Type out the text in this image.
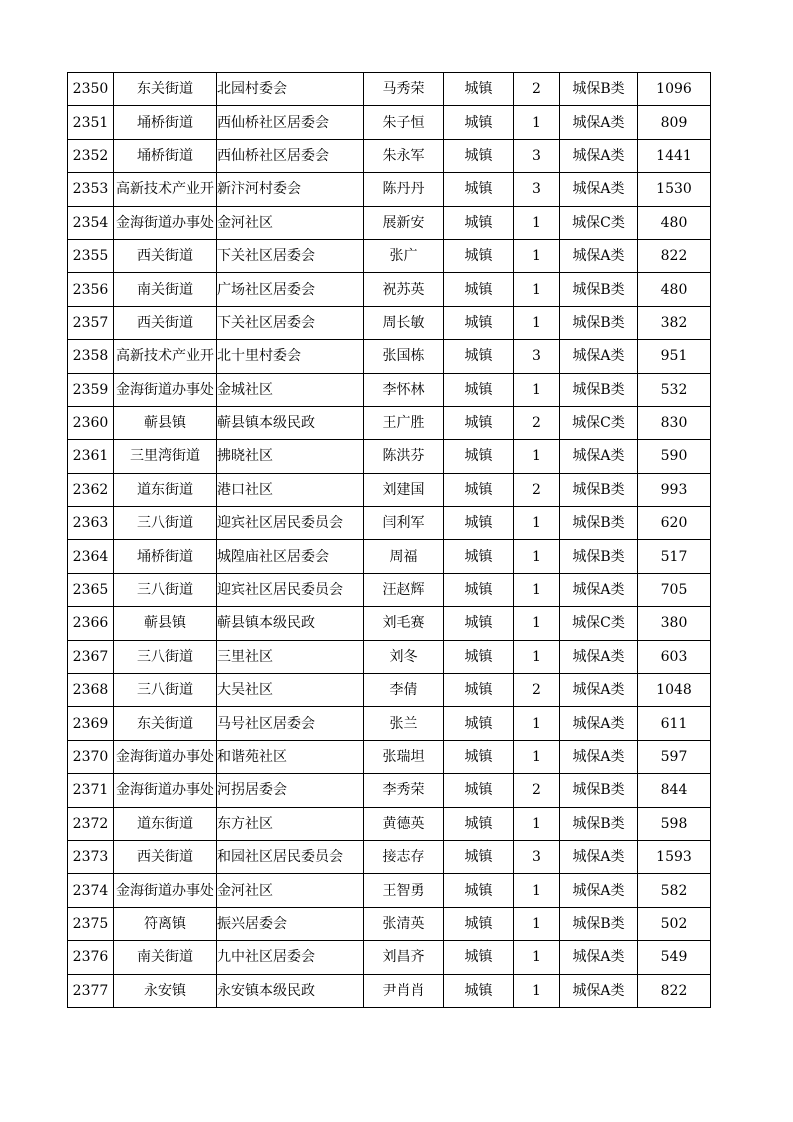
2350	东关街道	北园村委会	马秀荣	城镇	2	城保B类	1096
2351	埇桥街道	西仙桥社区居委会	朱子恒	城镇	1	城保A类	809
2352	埇桥街道	西仙桥社区居委会	朱永军	城镇	3	城保A类	1441
2353	高新技术产业开	新汴河村委会	陈丹丹	城镇	3	城保A类	1530
2354	金海街道办事处	金河社区	展新安	城镇	1	城保C类	480
2355	西关街道	下关社区居委会	张广	城镇	1	城保A类	822
2356	南关街道	广场社区居委会	祝苏英	城镇	1	城保B类	480
2357	西关街道	下关社区居委会	周长敏	城镇	1	城保B类	382
2358	高新技术产业开	北十里村委会	张国栋	城镇	3	城保A类	951
2359	金海街道办事处	金城社区	李怀林	城镇	1	城保B类	532
2360	蕲县镇	蕲县镇本级民政	王广胜	城镇	2	城保C类	830
2361	三里湾街道	拂晓社区	陈洪芬	城镇	1	城保A类	590
2362	道东街道	港口社区	刘建国	城镇	2	城保B类	993
2363	三八街道	迎宾社区居民委员会	闫利军	城镇	1	城保B类	620
2364	埇桥街道	城隍庙社区居委会	周福	城镇	1	城保B类	517
2365	三八街道	迎宾社区居民委员会	汪赵辉	城镇	1	城保A类	705
2366	蕲县镇	蕲县镇本级民政	刘毛赛	城镇	1	城保C类	380
2367	三八街道	三里社区	刘冬	城镇	1	城保A类	603
2368	三八街道	大吴社区	李倩	城镇	2	城保A类	1048
2369	东关街道	马号社区居委会	张兰	城镇	1	城保A类	611
2370	金海街道办事处	和谐苑社区	张瑞坦	城镇	1	城保A类	597
2371	金海街道办事处	河拐居委会	李秀荣	城镇	2	城保B类	844
2372	道东街道	东方社区	黄德英	城镇	1	城保B类	598
2373	西关街道	和园社区居民委员会	接志存	城镇	3	城保A类	1593
2374	金海街道办事处	金河社区	王智勇	城镇	1	城保A类	582
2375	符离镇	振兴居委会	张清英	城镇	1	城保B类	502
2376	南关街道	九中社区居委会	刘昌齐	城镇	1	城保A类	549
2377	永安镇	永安镇本级民政	尹肖肖	城镇	1	城保A类	822
